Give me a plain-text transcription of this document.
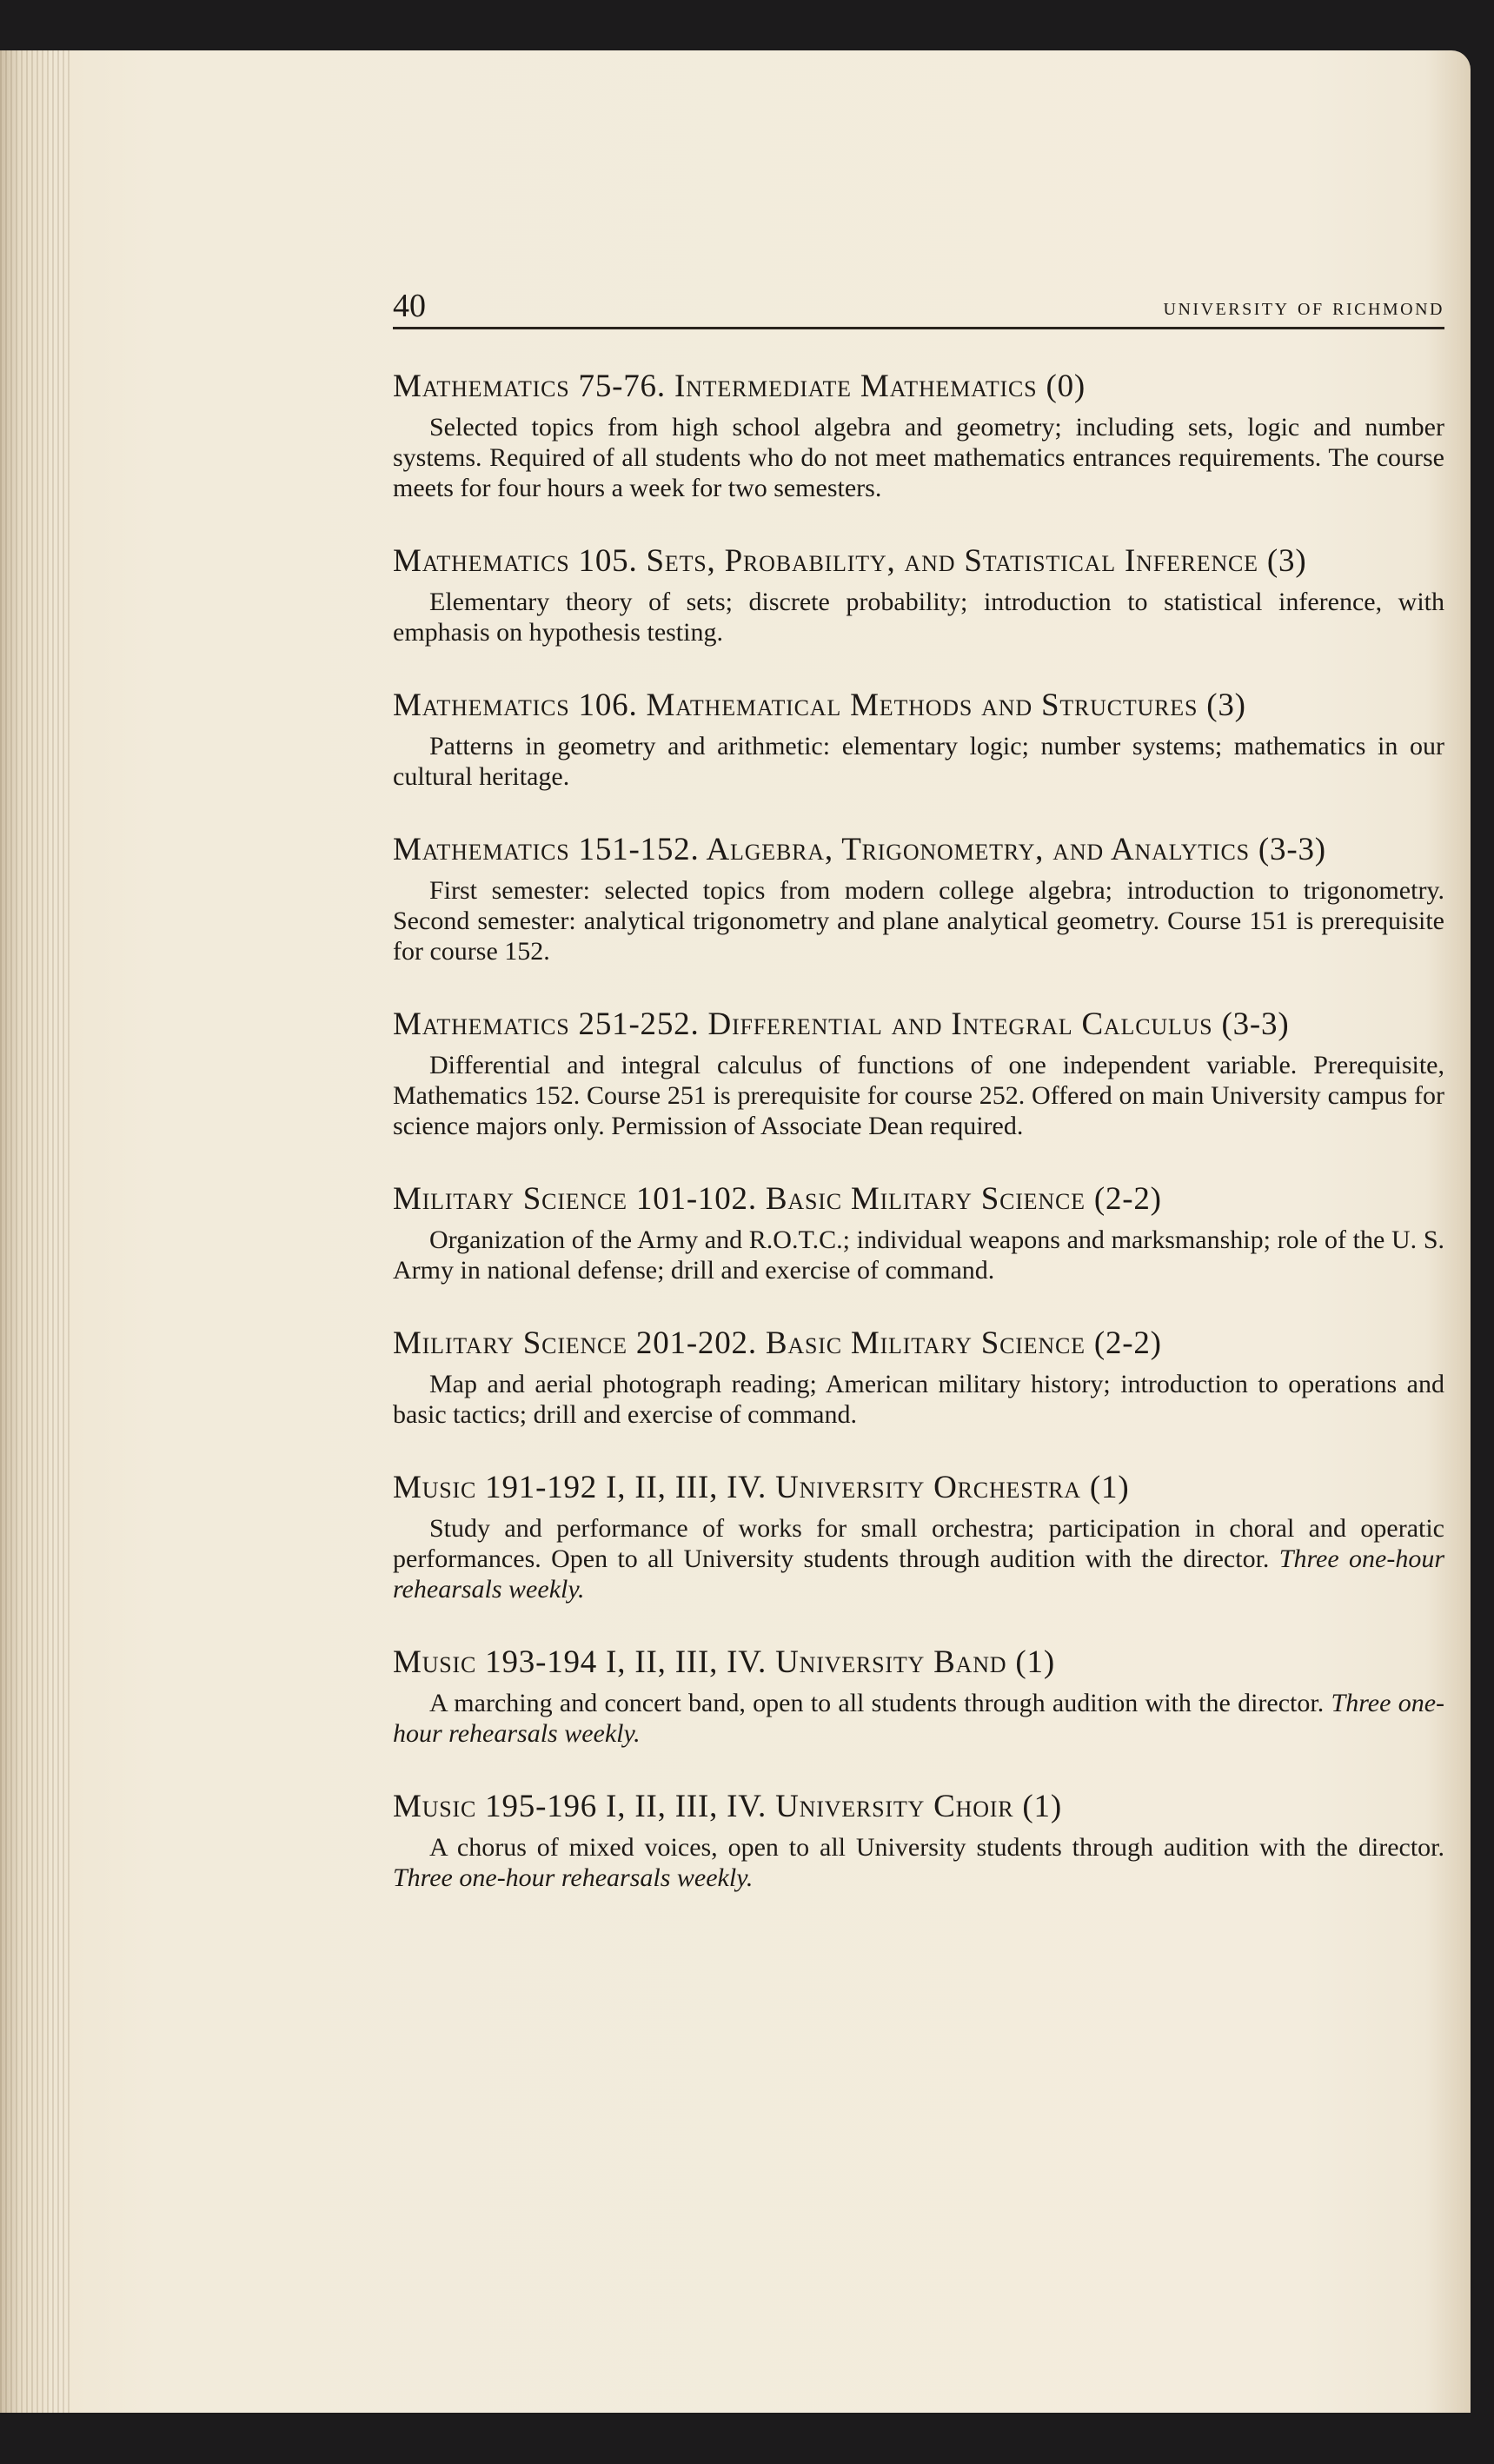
40	university of richmond
Mathematics 75-76. Intermediate Mathematics (0)
Selected topics from high school algebra and geometry; including sets, logic and number systems. Required of all students who do not meet mathematics entrances requirements. The course meets for four hours a week for two semesters.
Mathematics 105. Sets, Probability, and Statistical Inference (3)
Elementary theory of sets; discrete probability; introduction to statistical inference, with emphasis on hypothesis testing.
Mathematics 106. Mathematical Methods and Structures (3)
Patterns in geometry and arithmetic: elementary logic; number systems; mathematics in our cultural heritage.
Mathematics 151-152. Algebra, Trigonometry, and Analytics (3-3)
First semester: selected topics from modern college algebra; introduction to trigonometry. Second semester: analytical trigonometry and plane analytical geometry. Course 151 is prerequisite for course 152.
Mathematics 251-252. Differential and Integral Calculus (3-3)
Differential and integral calculus of functions of one independent variable. Prerequisite, Mathematics 152. Course 251 is prerequisite for course 252. Offered on main University campus for science majors only. Permission of Associate Dean required.
Military Science 101-102. Basic Military Science (2-2)
Organization of the Army and R.O.T.C.; individual weapons and marksmanship; role of the U. S. Army in national defense; drill and exercise of command.
Military Science 201-202. Basic Military Science (2-2)
Map and aerial photograph reading; American military history; introduction to operations and basic tactics; drill and exercise of command.
Music 191-192 I, II, III, IV. University Orchestra (1)
Study and performance of works for small orchestra; participation in choral and operatic performances. Open to all University students through audition with the director. Three one-hour rehearsals weekly.
Music 193-194 I, II, III, IV. University Band (1)
A marching and concert band, open to all students through audition with the director. Three one-hour rehearsals weekly.
Music 195-196 I, II, III, IV. University Choir (1)
A chorus of mixed voices, open to all University students through audition with the director. Three one-hour rehearsals weekly.
